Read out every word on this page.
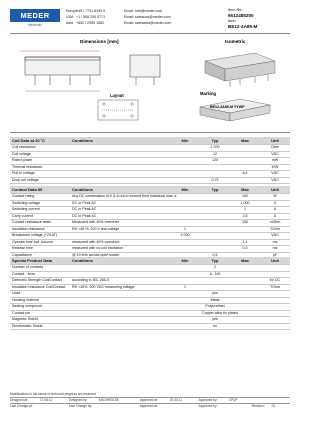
MEDER
electronic
Europe+49 / 7731 8399 0	Email: info@meder.com
USA +1 / 508 295 0771	Email: salesusa@meder.com
Asia +852 / 2955 1682	Email: salesasia@meder.com
Item No.:
6612485200
Item:
BE12-4A85-M
Dimensions [mm]	Isometric
Layout	Marking
BE12-4A85-M YYWP
Coil Data at 20 °C	Conditions	Min	Typ	Max	Unit
Coil resistance			1 200		Ohm
Coil voltage			12		VDC
Rated power			120		mW
Thermal resistance					K/W
Pull-in voltage				8,4	VDC
Drop-out voltage			0,75		VDC
Contact Data 85	Conditions	Min	Typ	Max	Unit
Contact rating	Any DC combination of V & A not to exceed their individual max.'s			100	W
Switching voltage	DC or Peak AC			1 000	V
Switching current	DC or Peak AC			1	A
Carry current	DC or Peak AC			2,5	A
Contact resistance static	Measured with 40% overdrive			150	mOhm
Insulation resistance	RH <45 %, 100 V test voltage	1			TOhm
Breakdown voltage (+20 AT)		2 000			VDC
Operate time incl. bounce	measured with 40% overdrive			1,1	ms
Release time	measured with no coil excitation			0,5	ms
Capacitance	@ 10 kHz across open switch		0,5		pF
Special Product Data	Conditions	Min	Typ	Max	Unit
Number of contacts			2		
Contact - form			A - NO		
Dielectric Strength Coil/Contact	according to IEC 255-5				kV DC
Insulation resistance Coil/Contact	RH <45%, 200 VDC measuring voltage	1			TOhm
Lead			yes		
Housing material			Metal		
Sealing compound			Polyurethan		
Contact pin			Copper alloy tin plated		
Magnetic Shield			yes		
Electrostatic Shield			no		
Modifications in the sense of technical progress are reserved
Designed at:	17.08.10	Designed by:	MSCHROLEE	Approved at:	02.03.11	Approved by:	CPUP
Last Change at:	Last Change by:	Approved at:	Approved by:	Revision: 01
